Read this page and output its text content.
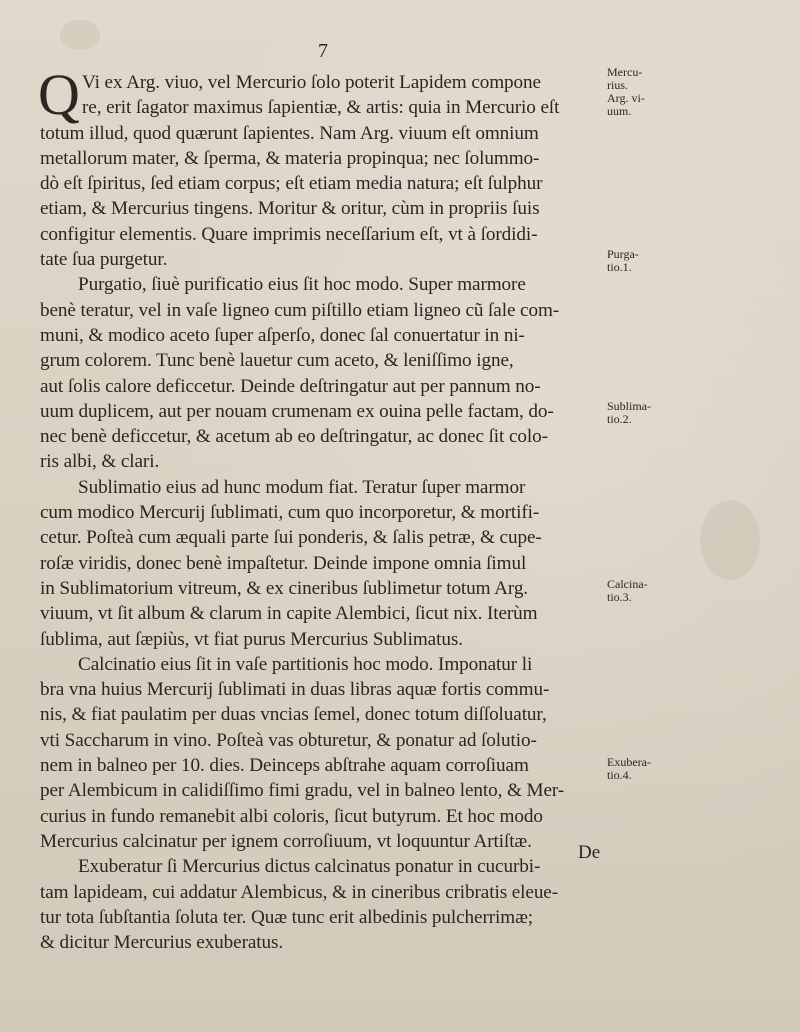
7
Q Vi ex Arg. viuo, vel Mercurio ſolo poterit Lapidem compone
re, erit ſagator maximus ſapientiæ, & artis: quia in Mercurio eſt
totum illud, quod quærunt ſapientes. Nam Arg. viuum eſt omnium
metallorum mater, & ſperma, & materia propinqua; nec ſolummo-
dò eſt ſpiritus, ſed etiam corpus; eſt etiam media natura; eſt ſulphur
etiam, & Mercurius tingens. Moritur & oritur, cùm in propriis ſuis
configitur elementis. Quare imprimis neceſſarium eſt, vt à ſordidi-
tate ſua purgetur.
Purgatio, ſiuè purificatio eius ſit hoc modo. Super marmore
benè teratur, vel in vaſe ligneo cum piſtillo etiam ligneo cũ ſale com-
muni, & modico aceto ſuper aſperſo, donec ſal conuertatur in ni-
grum colorem. Tunc benè lauetur cum aceto, & leniſſimo igne,
aut ſolis calore deficcetur. Deinde deſtringatur aut per pannum no-
uum duplicem, aut per nouam crumenam ex ouina pelle factam, do-
nec benè deficcetur, & acetum ab eo deſtringatur, ac donec ſit colo-
ris albi, & clari.
Sublimatio eius ad hunc modum fiat. Teratur ſuper marmor
cum modico Mercurij ſublimati, cum quo incorporetur, & mortifi-
cetur. Poſteà cum æquali parte ſui ponderis, & ſalis petræ, & cupe-
roſæ viridis, donec benè impaſtetur. Deinde impone omnia ſimul
in Sublimatorium vitreum, & ex cineribus ſublimetur totum Arg.
viuum, vt ſit album & clarum in capite Alembici, ſicut nix. Iterùm
ſublima, aut ſæpiùs, vt fiat purus Mercurius Sublimatus.
Calcinatio eius ſit in vaſe partitionis hoc modo. Imponatur li
bra vna huius Mercurij ſublimati in duas libras aquæ fortis commu-
nis, & fiat paulatim per duas vncias ſemel, donec totum diſſoluatur,
vti Saccharum in vino. Poſteà vas obturetur, & ponatur ad ſolutio-
nem in balneo per 10. dies. Deinceps abſtrahe aquam corroſiuam
per Alembicum in calidiſſimo fimi gradu, vel in balneo lento, & Mer-
curius in fundo remanebit albi coloris, ſicut butyrum. Et hoc modo
Mercurius calcinatur per ignem corroſiuum, vt loquuntur Artiſtæ.
Exuberatur ſi Mercurius dictus calcinatus ponatur in cucurbi-
tam lapideam, cui addatur Alembicus, & in cineribus cribratis eleue-
tur tota ſubſtantia ſoluta ter. Quæ tunc erit albedinis pulcherrimæ;
& dicitur Mercurius exuberatus.
Mercu-
rius.
Arg. vi-
uum.
Purga-
tio.1.
Sublima-
tio.2.
Calcina-
tio.3.
Exubera-
tio.4.
De
